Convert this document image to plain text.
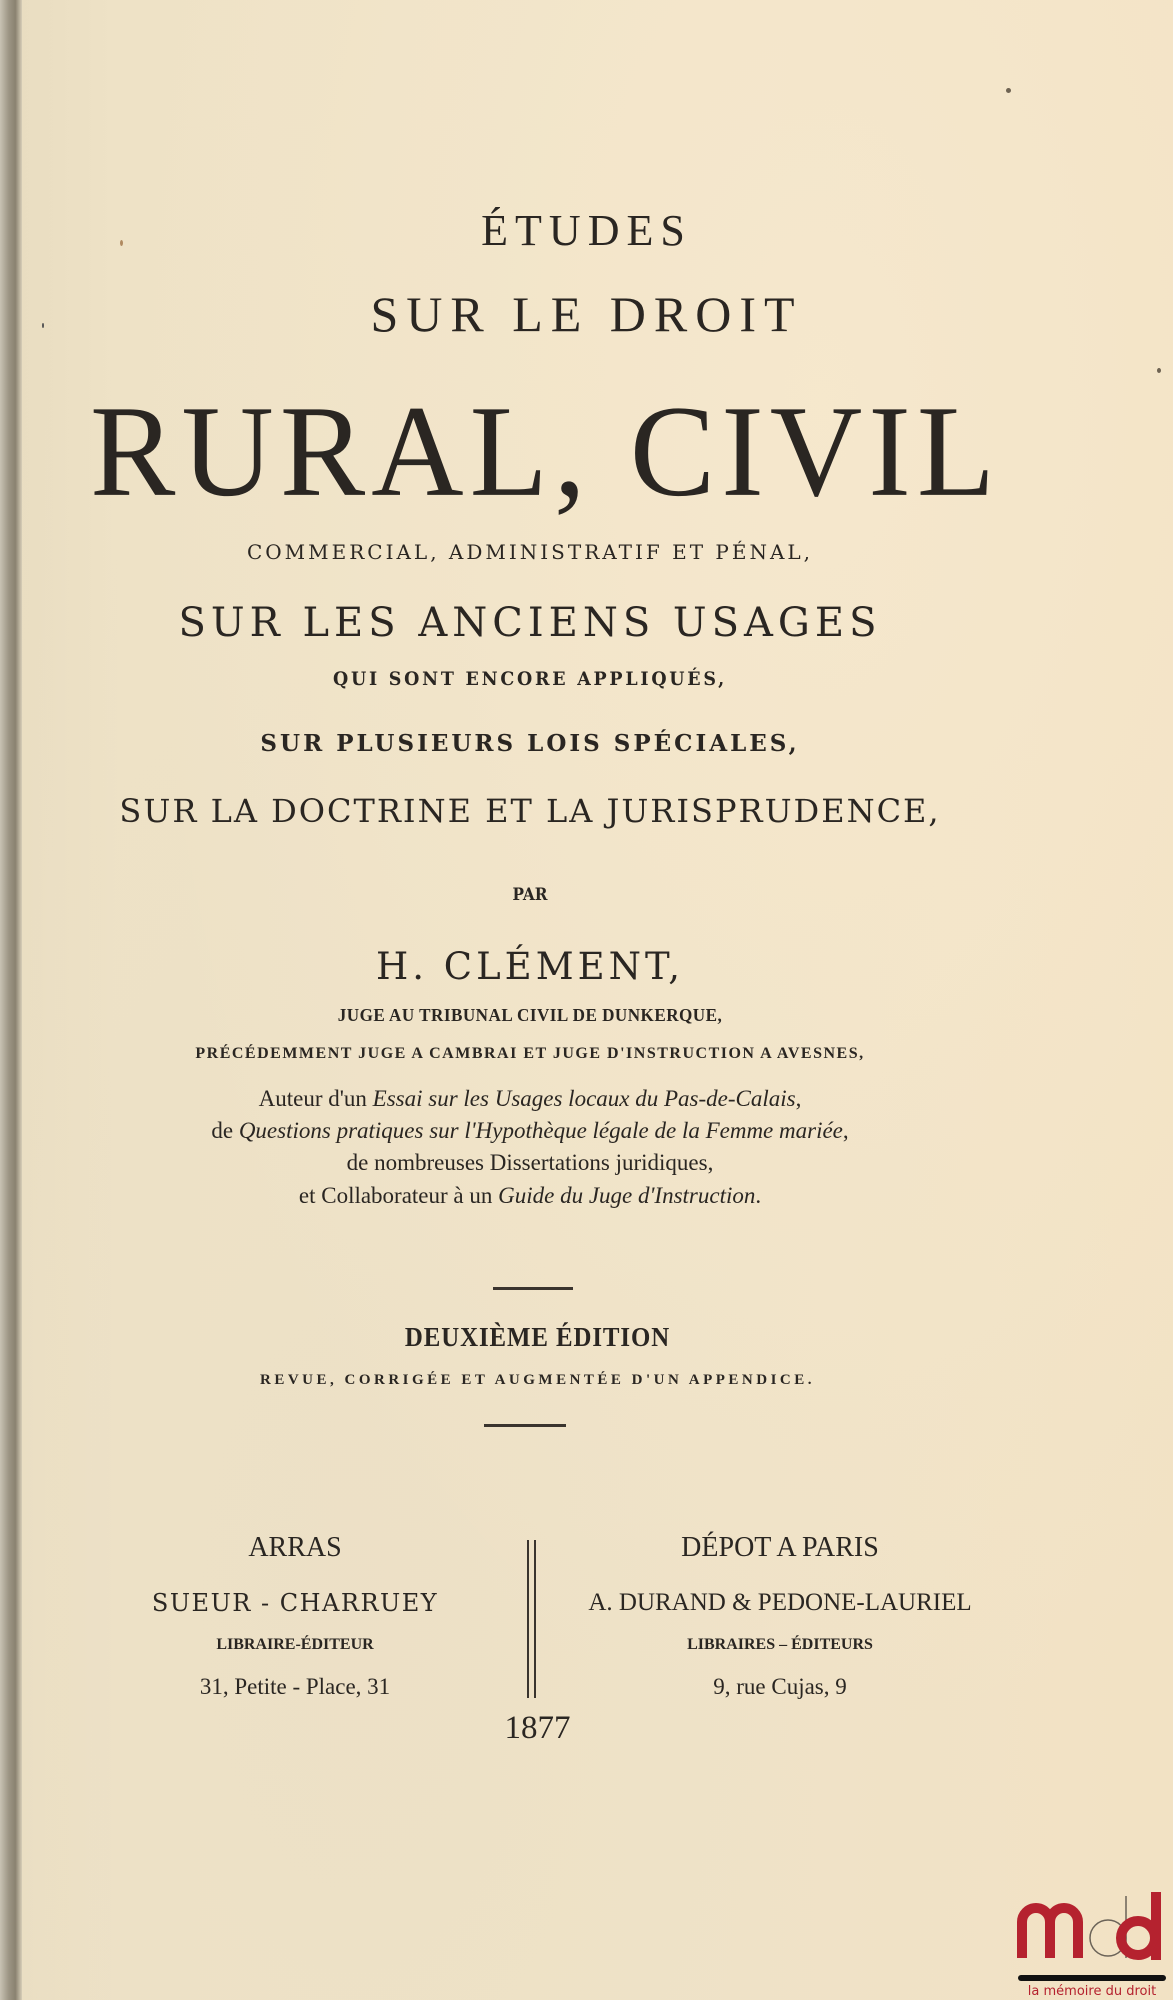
ÉTUDES
SUR LE DROIT
RURAL, CIVIL
COMMERCIAL, ADMINISTRATIF ET PÉNAL,
SUR LES ANCIENS USAGES
QUI SONT ENCORE APPLIQUÉS,
SUR PLUSIEURS LOIS SPÉCIALES,
SUR LA DOCTRINE ET LA JURISPRUDENCE,
PAR
H. CLÉMENT,
JUGE AU TRIBUNAL CIVIL DE DUNKERQUE,
PRÉCÉDEMMENT JUGE A CAMBRAI ET JUGE D'INSTRUCTION A AVESNES,
Auteur d'un Essai sur les Usages locaux du Pas-de-Calais,
de Questions pratiques sur l'Hypothèque légale de la Femme mariée,
de nombreuses Dissertations juridiques,
et Collaborateur à un Guide du Juge d'Instruction.
DEUXIÈME ÉDITION
REVUE, CORRIGÉE ET AUGMENTÉE D'UN APPENDICE.
ARRAS
SUEUR - CHARRUEY
LIBRAIRE-ÉDITEUR
31, Petite - Place, 31
DÉPOT A PARIS
A. DURAND & PEDONE-LAURIEL
LIBRAIRES – ÉDITEURS
9, rue Cujas, 9
1877
la mémoire du droit
